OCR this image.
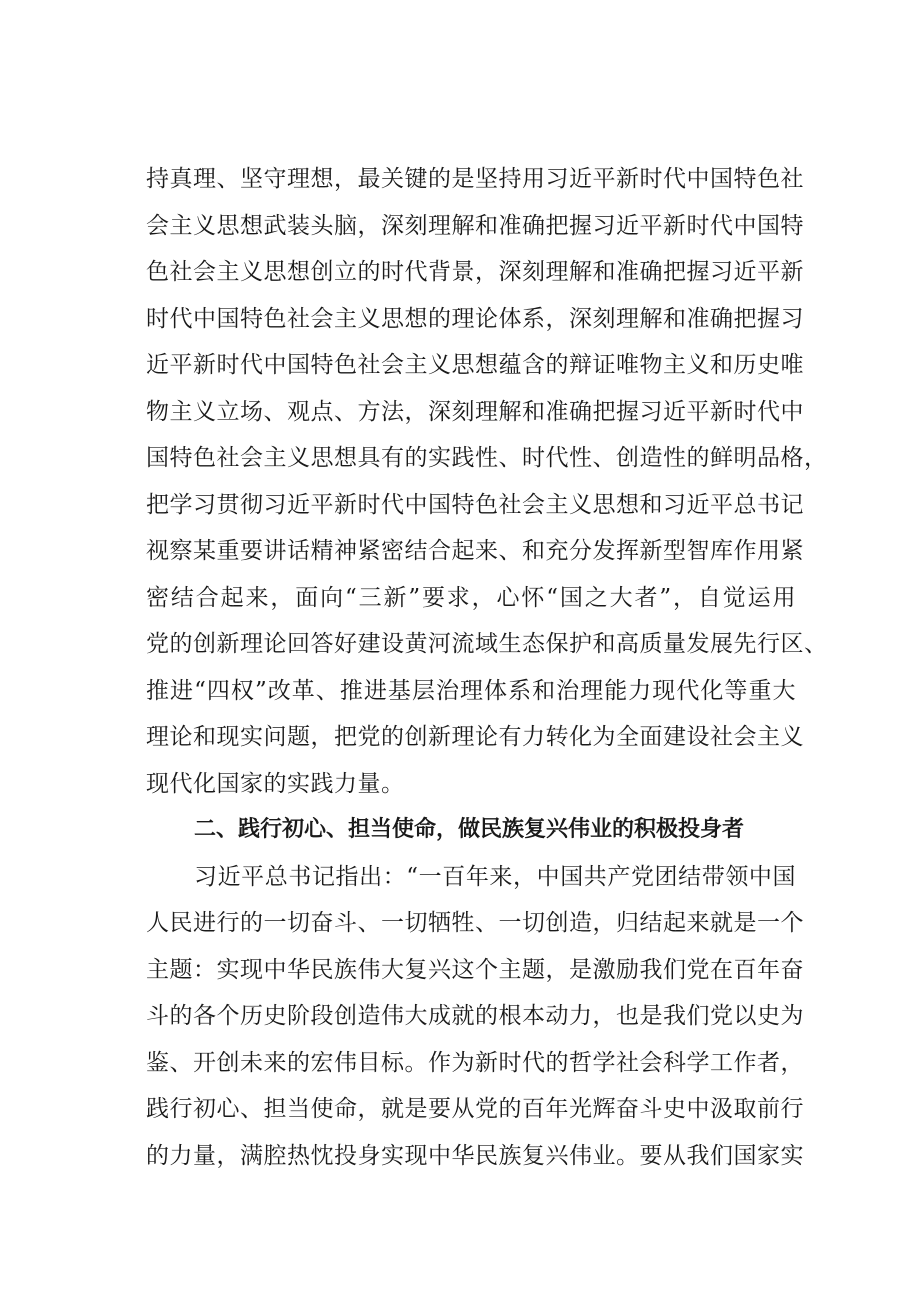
持真理、坚守理想，最关键的是坚持用习近平新时代中国特色社
会主义思想武装头脑，深刻理解和准确把握习近平新时代中国特
色社会主义思想创立的时代背景，深刻理解和准确把握习近平新
时代中国特色社会主义思想的理论体系，深刻理解和准确把握习
近平新时代中国特色社会主义思想蕴含的辩证唯物主义和历史唯
物主义立场、观点、方法，深刻理解和准确把握习近平新时代中
国特色社会主义思想具有的实践性、时代性、创造性的鲜明品格，
把学习贯彻习近平新时代中国特色社会主义思想和习近平总书记
视察某重要讲话精神紧密结合起来、和充分发挥新型智库作用紧
密结合起来，面向“三新”要求，心怀“国之大者”，自觉运用
党的创新理论回答好建设黄河流域生态保护和高质量发展先行区、
推进“四权”改革、推进基层治理体系和治理能力现代化等重大
理论和现实问题，把党的创新理论有力转化为全面建设社会主义
现代化国家的实践力量。
二、践行初心、担当使命，做民族复兴伟业的积极投身者
习近平总书记指出：“一百年来，中国共产党团结带领中国
人民进行的一切奋斗、一切牺牲、一切创造，归结起来就是一个
主题：实现中华民族伟大复兴这个主题，是激励我们党在百年奋
斗的各个历史阶段创造伟大成就的根本动力，也是我们党以史为
鉴、开创未来的宏伟目标。作为新时代的哲学社会科学工作者，
践行初心、担当使命，就是要从党的百年光辉奋斗史中汲取前行
的力量，满腔热忱投身实现中华民族复兴伟业。要从我们国家实
